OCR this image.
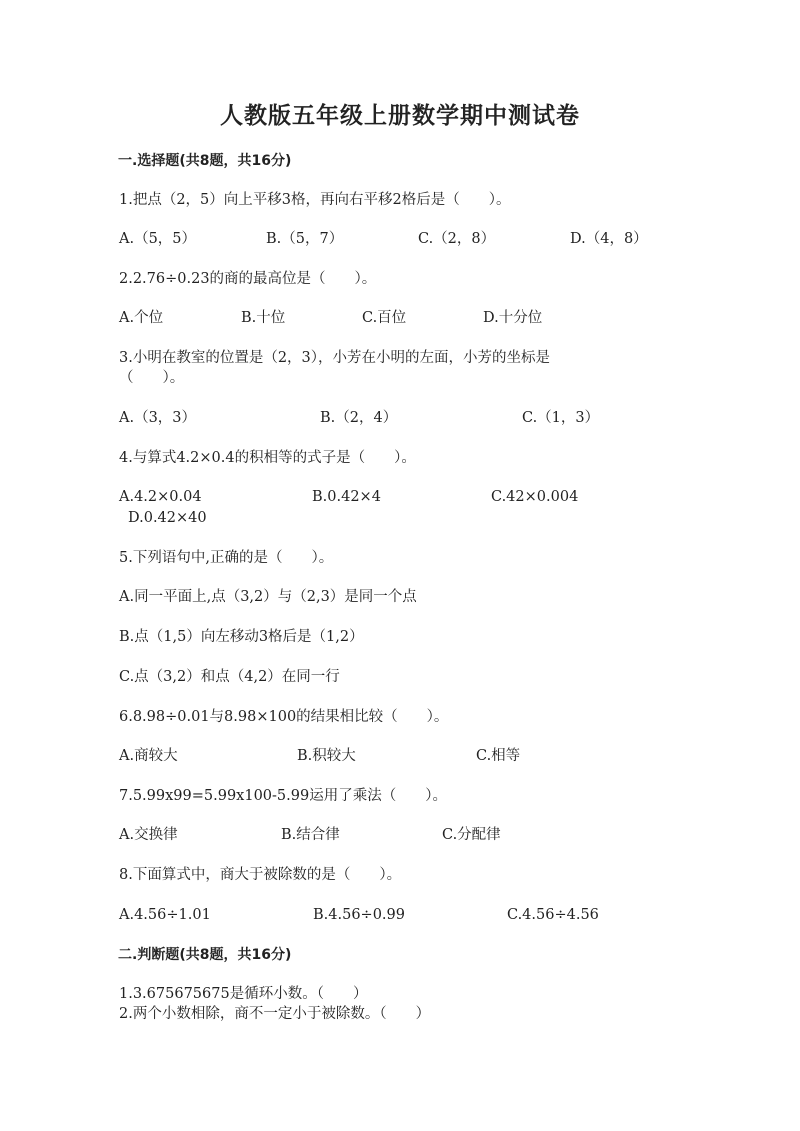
人教版五年级上册数学期中测试卷
一.选择题(共8题，共16分)
1.把点（2，5）向上平移3格，再向右平移2格后是（　　）。
A.（5，5）	B.（5，7）	C.（2，8）	D.（4，8）
2.2.76÷0.23的商的最高位是（　　）。
A.个位	B.十位	C.百位	D.十分位
3.小明在教室的位置是（2，3），小芳在小明的左面，小芳的坐标是
（　　）。
A.（3，3）	B.（2，4）	C.（1，3）
4.与算式4.2×0.4的积相等的式子是（　　）。
A.4.2×0.04	B.0.42×4	C.42×0.004
D.0.42×40
5.下列语句中,正确的是（　　）。
A.同一平面上,点（3,2）与（2,3）是同一个点
B.点（1,5）向左移动3格后是（1,2）
C.点（3,2）和点（4,2）在同一行
6.8.98÷0.01与8.98×100的结果相比较（　　）。
A.商较大	B.积较大	C.相等
7.5.99x99=5.99x100-5.99运用了乘法（　　）。
A.交换律	B.结合律	C.分配律
8.下面算式中，商大于被除数的是（　　）。
A.4.56÷1.01	B.4.56÷0.99	C.4.56÷4.56
二.判断题(共8题，共16分)
1.3.675675675是循环小数。（　　）
2.两个小数相除，商不一定小于被除数。（　　）
